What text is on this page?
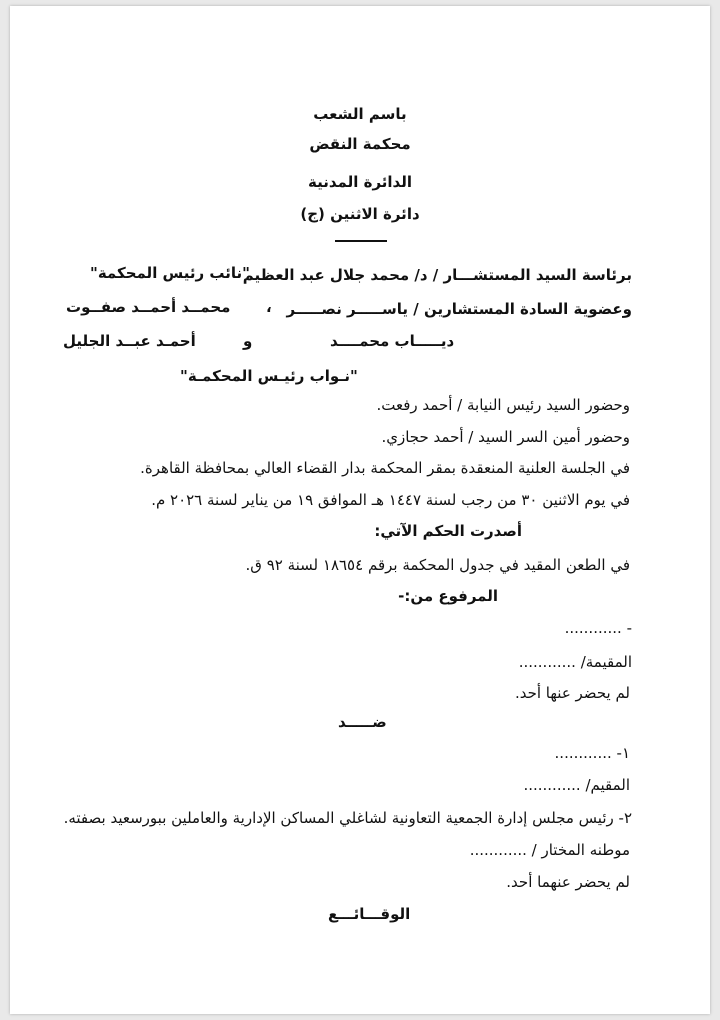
باسم الشعب
محكمة النقض
الدائرة المدنية
دائرة الاثنين (ج)
برئاسة السيد المستشـــار / د/ محمد جلال عبد العظيم
"نائب رئيس المحكمة"
وعضوية السادة المستشارين / ياســـــر نصـــــر
،
محمــد أحمــد صفــوت
ديـــــاب محمــــد
و
أحمـد عبــد الجليل
"نـواب رئيـس المحكمـة"
وحضور السيد رئيس النيابة / أحمد رفعت.
وحضور أمين السر السيد / أحمد حجازي.
في الجلسة العلنية المنعقدة بمقر المحكمة بدار القضاء العالي بمحافظة القاهرة.
في يوم الاثنين ٣٠ من رجب لسنة ١٤٤٧ هـ الموافق ١٩ من يناير لسنة ٢٠٢٦ م.
أصدرت الحكم الآتي:
في الطعن المقيد في جدول المحكمة برقم ١٨٦٥٤ لسنة ٩٢ ق.
المرفوع من:-
- ............
المقيمة/ ............
لم يحضر عنها أحد.
ضـــــد
١- ............
المقيم/ ............
٢- رئيس مجلس إدارة الجمعية التعاونية لشاغلي المساكن الإدارية والعاملين ببورسعيد بصفته.
موطنه المختار / ............
لم يحضر عنهما أحد.
الوقـــائـــع
